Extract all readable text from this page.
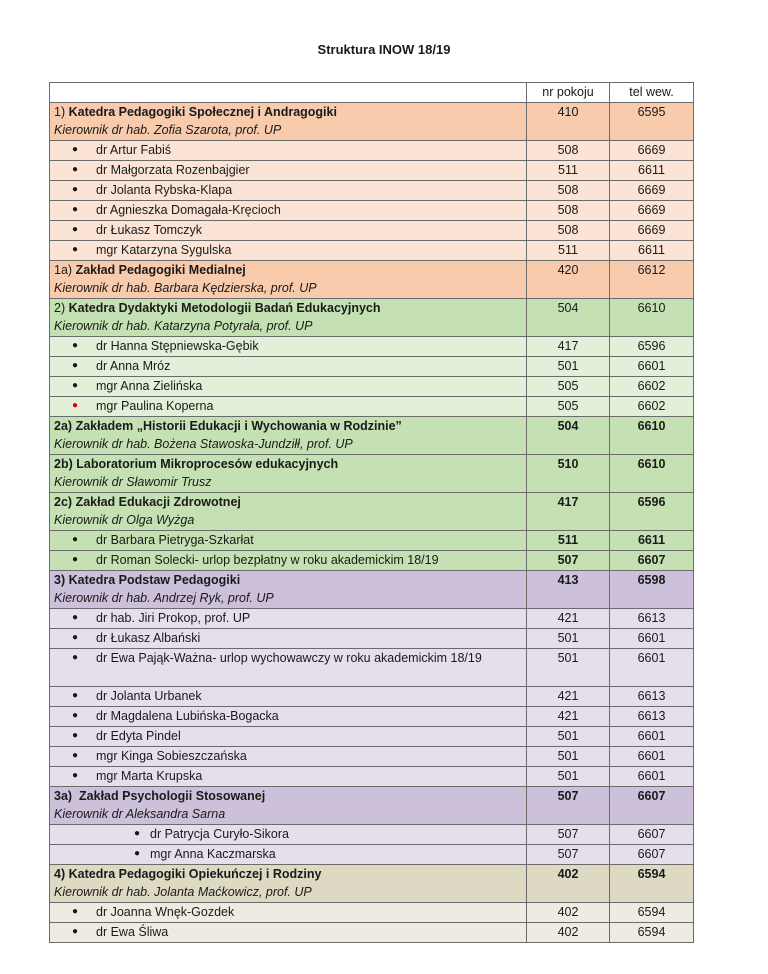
Struktura INOW 18/19
	nr pokoju	tel wew.

1) Katedra Pedagogiki Społecznej i Andragogiki
Kierownik dr hab. Zofia Szarota, prof. UP	410	6595
● dr Artur Fabiś	508	6669
● dr Małgorzata Rozenbajgier	511	6611
● dr Jolanta Rybska-Klapa	508	6669
● dr Agnieszka Domagała-Kręcioch	508	6669
● dr Łukasz Tomczyk	508	6669
● mgr Katarzyna Sygulska	511	6611

1a) Zakład Pedagogiki Medialnej
Kierownik dr hab. Barbara Kędzierska, prof. UP	420	6612

2) Katedra Dydaktyki Metodologii Badań Edukacyjnych
Kierownik dr hab. Katarzyna Potyrała, prof. UP	504	6610
● dr Hanna Stępniewska-Gębik	417	6596
● dr Anna Mróz	501	6601
● mgr Anna Zielińska	505	6602
● mgr Paulina Koperna	505	6602

2a) Zakładem „Historii Edukacji i Wychowania w Rodzinie”
Kierownik dr hab. Bożena Stawoska-Jundziłł, prof. UP	504	6610

2b) Laboratorium Mikroprocesów edukacyjnych
Kierownik dr Sławomir Trusz	510	6610

2c) Zakład Edukacji Zdrowotnej
Kierownik dr Olga Wyżga	417	6596
● dr Barbara Pietryga-Szkarłat	511	6611
● dr Roman Solecki- urlop bezpłatny w roku akademickim 18/19	507	6607

3) Katedra Podstaw Pedagogiki
Kierownik dr hab. Andrzej Ryk, prof. UP	413	6598
● dr hab. Jiri Prokop, prof. UP	421	6613
● dr Łukasz Albański	501	6601
● dr Ewa Pająk-Ważna- urlop wychowawczy w roku akademickim 18/19	501	6601
● dr Jolanta Urbanek	421	6613
● dr Magdalena Lubińska-Bogacka	421	6613
● dr Edyta Pindel	501	6601
● mgr Kinga Sobieszczańska	501	6601
● mgr Marta Krupska	501	6601

3a) Zakład Psychologii Stosowanej
Kierownik dr Aleksandra Sarna	507	6607
● dr Patrycja Curyło-Sikora	507	6607
● mgr Anna Kaczmarska	507	6607

4) Katedra Pedagogiki Opiekuńczej i Rodziny
Kierownik dr hab. Jolanta Maćkowicz, prof. UP	402	6594
● dr Joanna Wnęk-Gozdek	402	6594
● dr Ewa Śliwa	402	6594
